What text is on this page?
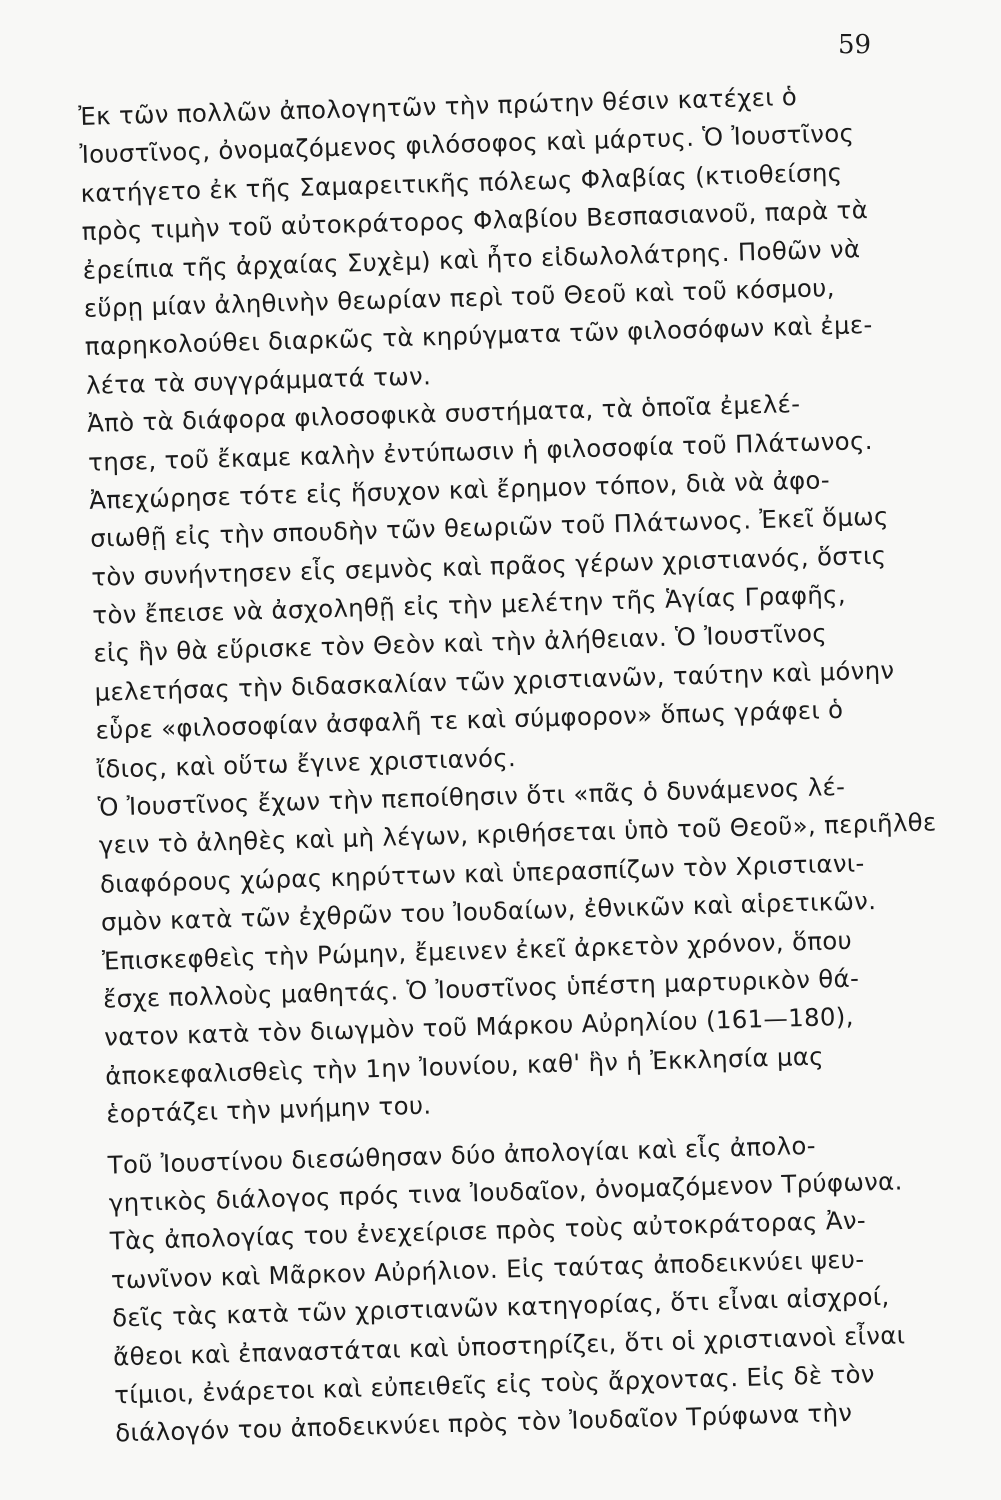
59
Ἐκ τῶν πολλῶν ἀπολογητῶν τὴν πρώτην θέσιν κατέχει ὁ
Ἰουστῖνος, ὀνομαζόμενος φιλόσοφος καὶ μάρτυς. Ὁ Ἰουστῖνος
κατήγετο ἐκ τῆς Σαμαρειτικῆς πόλεως Φλαβίας (κτιοθείσης
πρὸς τιμὴν τοῦ αὐτοκράτορος Φλαβίου Βεσπασιανοῦ, παρὰ τὰ
ἐρείπια τῆς ἀρχαίας Συχὲμ) καὶ ἦτο εἰδωλολάτρης. Ποθῶν νὰ
εὕρῃ μίαν ἀληθινὴν θεωρίαν περὶ τοῦ Θεοῦ καὶ τοῦ κόσμου,
παρηκολούθει διαρκῶς τὰ κηρύγματα τῶν φιλοσόφων καὶ ἐμε-
λέτα τὰ συγγράμματά των.
Ἀπὸ τὰ διάφορα φιλοσοφικὰ συστήματα, τὰ ὁποῖα ἐμελέ-
τησε, τοῦ ἔκαμε καλὴν ἐντύπωσιν ἡ φιλοσοφία τοῦ Πλάτωνος.
Ἀπεχώρησε τότε εἰς ἥσυχον καὶ ἔρημον τόπον, διὰ νὰ ἀφο-
σιωθῇ εἰς τὴν σπουδὴν τῶν θεωριῶν τοῦ Πλάτωνος. Ἐκεῖ ὅμως
τὸν συνήντησεν εἷς σεμνὸς καὶ πρᾶος γέρων χριστιανός, ὅστις
τὸν ἔπεισε νὰ ἀσχοληθῇ εἰς τὴν μελέτην τῆς Ἁγίας Γραφῆς,
εἰς ἣν θὰ εὕρισκε τὸν Θεὸν καὶ τὴν ἀλήθειαν. Ὁ Ἰουστῖνος
μελετήσας τὴν διδασκαλίαν τῶν χριστιανῶν, ταύτην καὶ μόνην
εὗρε «φιλοσοφίαν ἀσφαλῆ τε καὶ σύμφορον» ὅπως γράφει ὁ
ἴδιος, καὶ οὕτω ἔγινε χριστιανός.
Ὁ Ἰουστῖνος ἔχων τὴν πεποίθησιν ὅτι «πᾶς ὁ δυνάμενος λέ-
γειν τὸ ἀληθὲς καὶ μὴ λέγων, κριθήσεται ὑπὸ τοῦ Θεοῦ», περιῆλθε
διαφόρους χώρας κηρύττων καὶ ὑπερασπίζων τὸν Χριστιανι-
σμὸν κατὰ τῶν ἐχθρῶν του Ἰουδαίων, ἐθνικῶν καὶ αἱρετικῶν.
Ἐπισκεφθεὶς τὴν Ρώμην, ἔμεινεν ἐκεῖ ἀρκετὸν χρόνον, ὅπου
ἔσχε πολλοὺς μαθητάς. Ὁ Ἰουστῖνος ὑπέστη μαρτυρικὸν θά-
νατον κατὰ τὸν διωγμὸν τοῦ Μάρκου Αὐρηλίου (161—180),
ἀποκεφαλισθεὶς τὴν 1ην Ἰουνίου, καθ' ἣν ἡ Ἐκκλησία μας
ἑορτάζει τὴν μνήμην του.
Τοῦ Ἰουστίνου διεσώθησαν δύο ἀπολογίαι καὶ εἷς ἀπολο-
γητικὸς διάλογος πρός τινα Ἰουδαῖον, ὀνομαζόμενον Τρύφωνα.
Τὰς ἀπολογίας του ἐνεχείρισε πρὸς τοὺς αὐτοκράτορας Ἀν-
τωνῖνον καὶ Μᾶρκον Αὐρήλιον. Εἰς ταύτας ἀποδεικνύει ψευ-
δεῖς τὰς κατὰ τῶν χριστιανῶν κατηγορίας, ὅτι εἶναι αἰσχροί,
ἄθεοι καὶ ἐπαναστάται καὶ ὑποστηρίζει, ὅτι οἱ χριστιανοὶ εἶναι
τίμιοι, ἐνάρετοι καὶ εὐπειθεῖς εἰς τοὺς ἄρχοντας. Εἰς δὲ τὸν
διάλογόν του ἀποδεικνύει πρὸς τὸν Ἰουδαῖον Τρύφωνα τὴν
